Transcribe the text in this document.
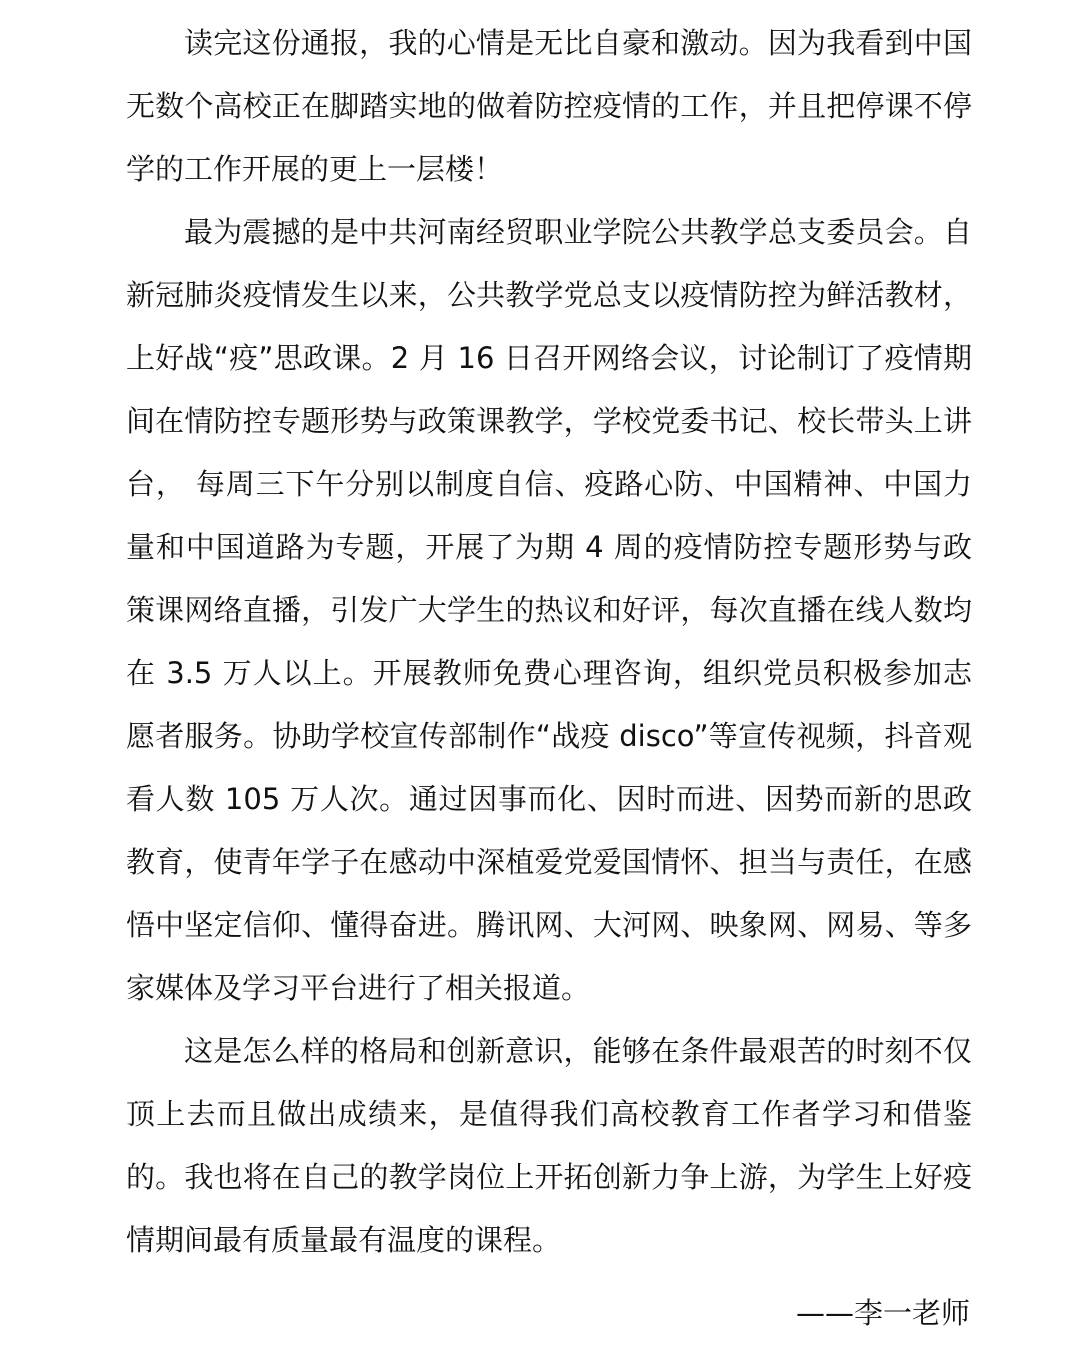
读完这份通报，我的心情是无比自豪和激动。因为我看到中国无数个高校正在脚踏实地的做着防控疫情的工作，并且把停课不停学的工作开展的更上一层楼！

最为震撼的是中共河南经贸职业学院公共教学总支委员会。自新冠肺炎疫情发生以来，公共教学党总支以疫情防控为鲜活教材，上好战“疫”思政课。2 月 16 日召开网络会议，讨论制订了疫情期间在情防控专题形势与政策课教学，学校党委书记、校长带头上讲台， 每周三下午分别以制度自信、疫路心防、中国精神、中国力量和中国道路为专题，开展了为期 4 周的疫情防控专题形势与政策课网络直播，引发广大学生的热议和好评，每次直播在线人数均在 3.5 万人以上。开展教师免费心理咨询，组织党员积极参加志愿者服务。协助学校宣传部制作“战疫 disco”等宣传视频，抖音观看人数 105 万人次。通过因事而化、因时而进、因势而新的思政教育，使青年学子在感动中深植爱党爱国情怀、担当与责任，在感悟中坚定信仰、懂得奋进。腾讯网、大河网、映象网、网易、等多家媒体及学习平台进行了相关报道。

这是怎么样的格局和创新意识，能够在条件最艰苦的时刻不仅顶上去而且做出成绩来，是值得我们高校教育工作者学习和借鉴的。我也将在自己的教学岗位上开拓创新力争上游，为学生上好疫情期间最有质量最有温度的课程。

——李一老师
